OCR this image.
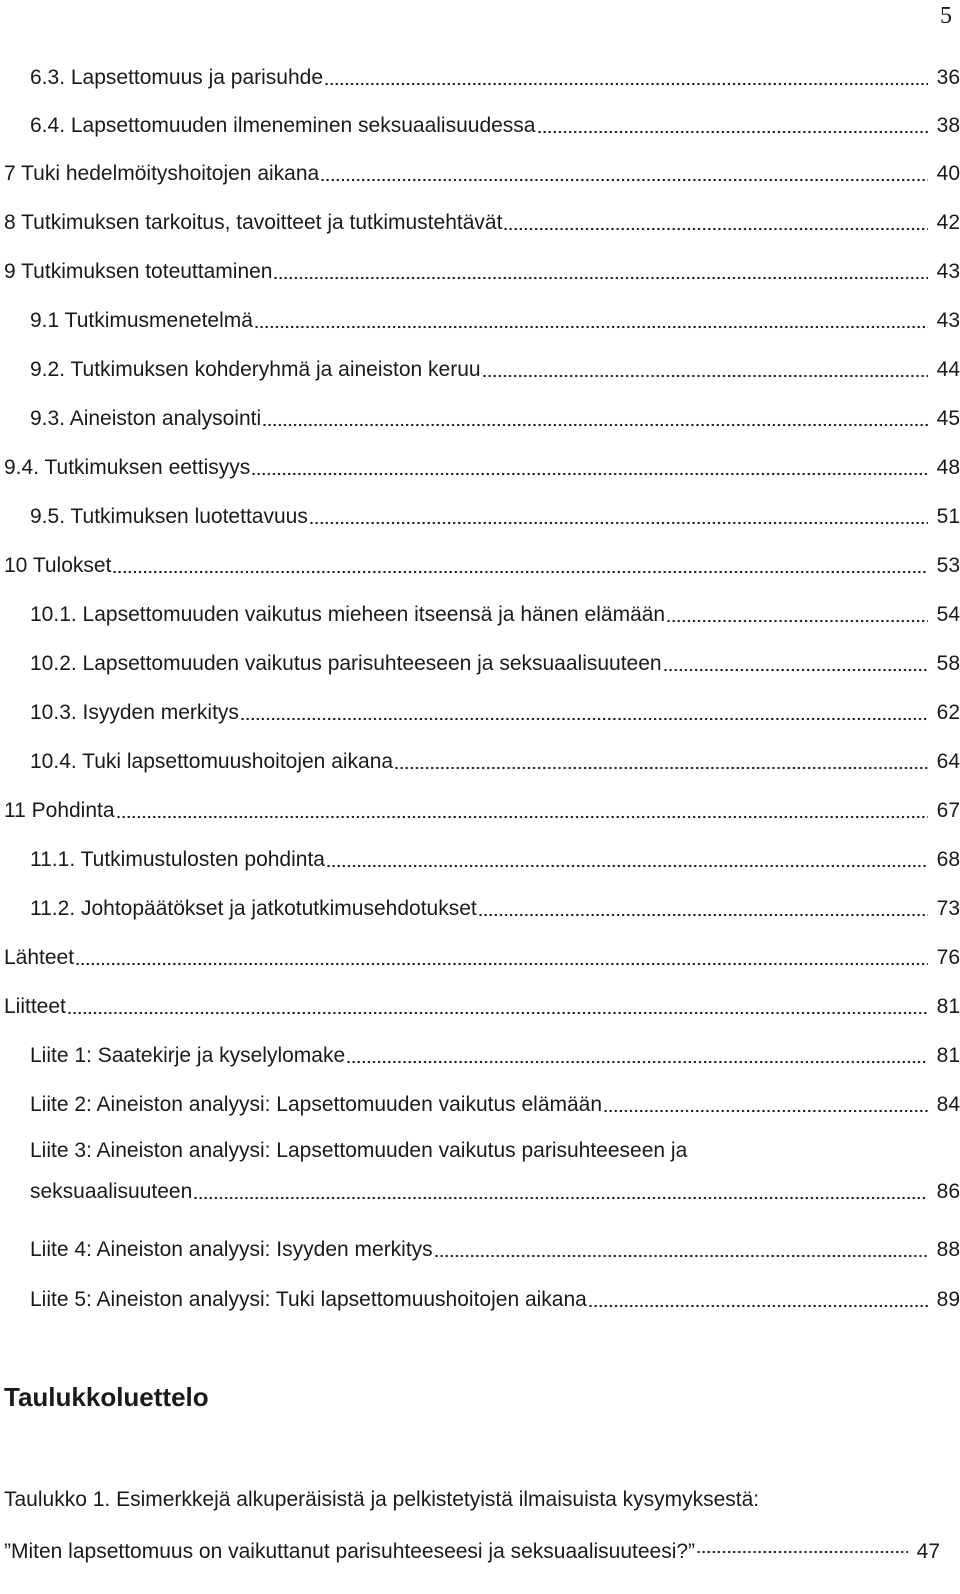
5
6.3. Lapsettomuus ja parisuhde	36
6.4. Lapsettomuuden ilmeneminen seksuaalisuudessa	38
7 Tuki hedelmöityshoitojen aikana	40
8 Tutkimuksen tarkoitus, tavoitteet ja tutkimustehtävät	42
9 Tutkimuksen toteuttaminen	43
9.1 Tutkimusmenetelmä	43
9.2. Tutkimuksen kohderyhmä ja aineiston keruu	44
9.3. Aineiston analysointi	45
9.4. Tutkimuksen eettisyys	48
9.5. Tutkimuksen luotettavuus	51
10 Tulokset	53
10.1. Lapsettomuuden vaikutus mieheen itseensä ja hänen elämään	54
10.2. Lapsettomuuden vaikutus parisuhteeseen ja seksuaalisuuteen	58
10.3. Isyyden merkitys	62
10.4. Tuki lapsettomuushoitojen aikana	64
11 Pohdinta	67
11.1. Tutkimustulosten pohdinta	68
11.2. Johtopäätökset ja jatkotutkimusehdotukset	73
Lähteet	76
Liitteet	81
Liite 1: Saatekirje ja kyselylomake	81
Liite 2: Aineiston analyysi: Lapsettomuuden vaikutus elämään	84
Liite 3: Aineiston analyysi: Lapsettomuuden vaikutus parisuhteeseen ja
seksuaalisuuteen	86
Liite 4: Aineiston analyysi: Isyyden merkitys	88
Liite 5: Aineiston analyysi: Tuki lapsettomuushoitojen aikana	89
Taulukkoluettelo
Taulukko 1. Esimerkkejä alkuperäisistä ja pelkistetyistä ilmaisuista kysymyksestä:
”Miten lapsettomuus on vaikuttanut parisuhteeseesi ja seksuaalisuuteesi?”	47
